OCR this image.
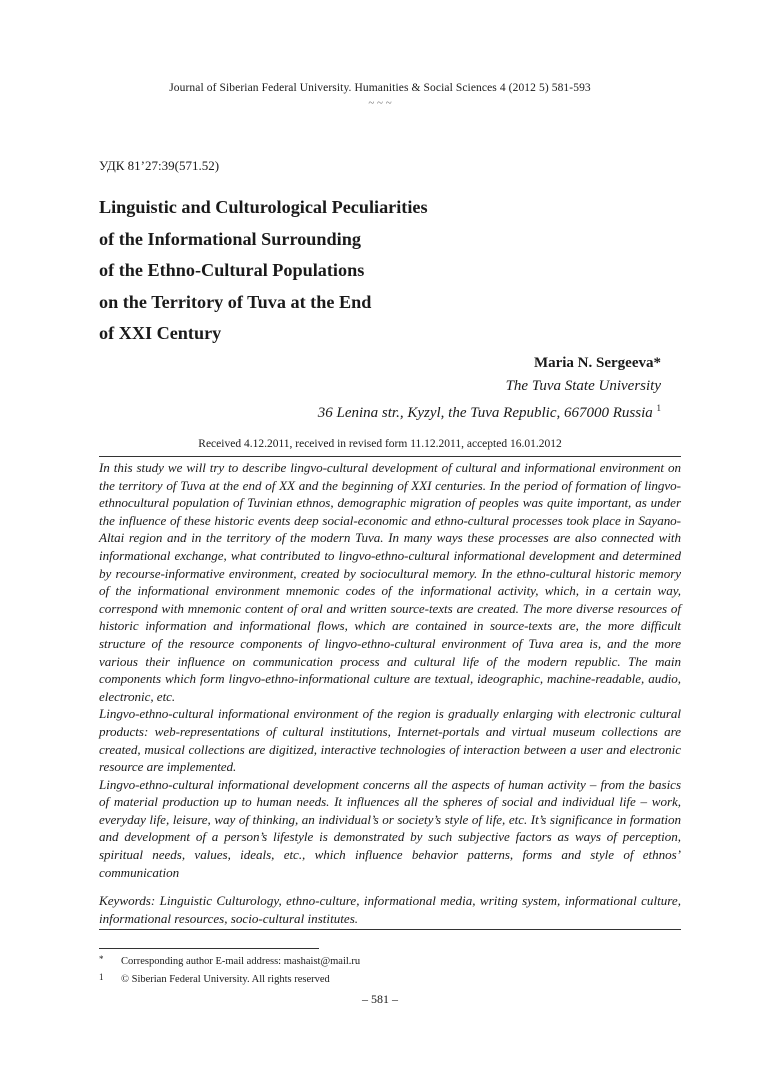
Journal of Siberian Federal University. Humanities & Social Sciences 4 (2012 5) 581-593
~ ~ ~
УДК 81’27:39(571.52)
Linguistic and Culturological Peculiarities
of the Informational Surrounding
of the Ethno-Cultural Populations
on the Territory of Tuva at the End
of XXI Century
Maria N. Sergeeva*
The Tuva State University
36 Lenina str., Kyzyl, the Tuva Republic, 667000 Russia $^1$
Received 4.12.2011, received in revised form 11.12.2011, accepted 16.01.2012

In this study we will try to describe lingvo-cultural development of cultural and informational environment on the territory of Tuva at the end of XX and the beginning of XXI centuries. In the period of formation of lingvo-ethnocultural population of Tuvinian ethnos, demographic migration of peoples was quite important, as under the influence of these historic events deep social-economic and ethno-cultural processes took place in Sayano-Altai region and in the territory of the modern Tuva. In many ways these processes are also connected with informational exchange, what contributed to lingvo-ethno-cultural informational development and determined by recourse-informative environment, created by sociocultural memory. In the ethno-cultural historic memory of the informational environment mnemonic codes of the informational activity, which, in a certain way, correspond with mnemonic content of oral and written source-texts are created. The more diverse resources of historic information and informational flows, which are contained in source-texts are, the more difficult structure of the resource components of lingvo-ethno-cultural environment of Tuva area is, and the more various their influence on communication process and cultural life of the modern republic. The main components which form lingvo-ethno-informational culture are textual, ideographic, machine-readable, audio, electronic, etc.

Lingvo-ethno-cultural informational environment of the region is gradually enlarging with electronic cultural products: web-representations of cultural institutions, Internet-portals and virtual museum collections are created, musical collections are digitized, interactive technologies of interaction between a user and electronic resource are implemented.

Lingvo-ethno-cultural informational development concerns all the aspects of human activity – from the basics of material production up to human needs. It influences all the spheres of social and individual life – work, everyday life, leisure, way of thinking, an individual’s or society’s style of life, etc. It’s significance in formation and development of a person’s lifestyle is demonstrated by such subjective factors as ways of perception, spiritual needs, values, ideals, etc., which influence behavior patterns, forms and style of ethnos’ communication

Keywords: Linguistic Culturology, ethno-culture, informational media, writing system, informational culture, informational resources, socio-cultural institutes.
* Corresponding author E-mail address: mashaist@mail.ru
1 © Siberian Federal University. All rights reserved
– 581 –
